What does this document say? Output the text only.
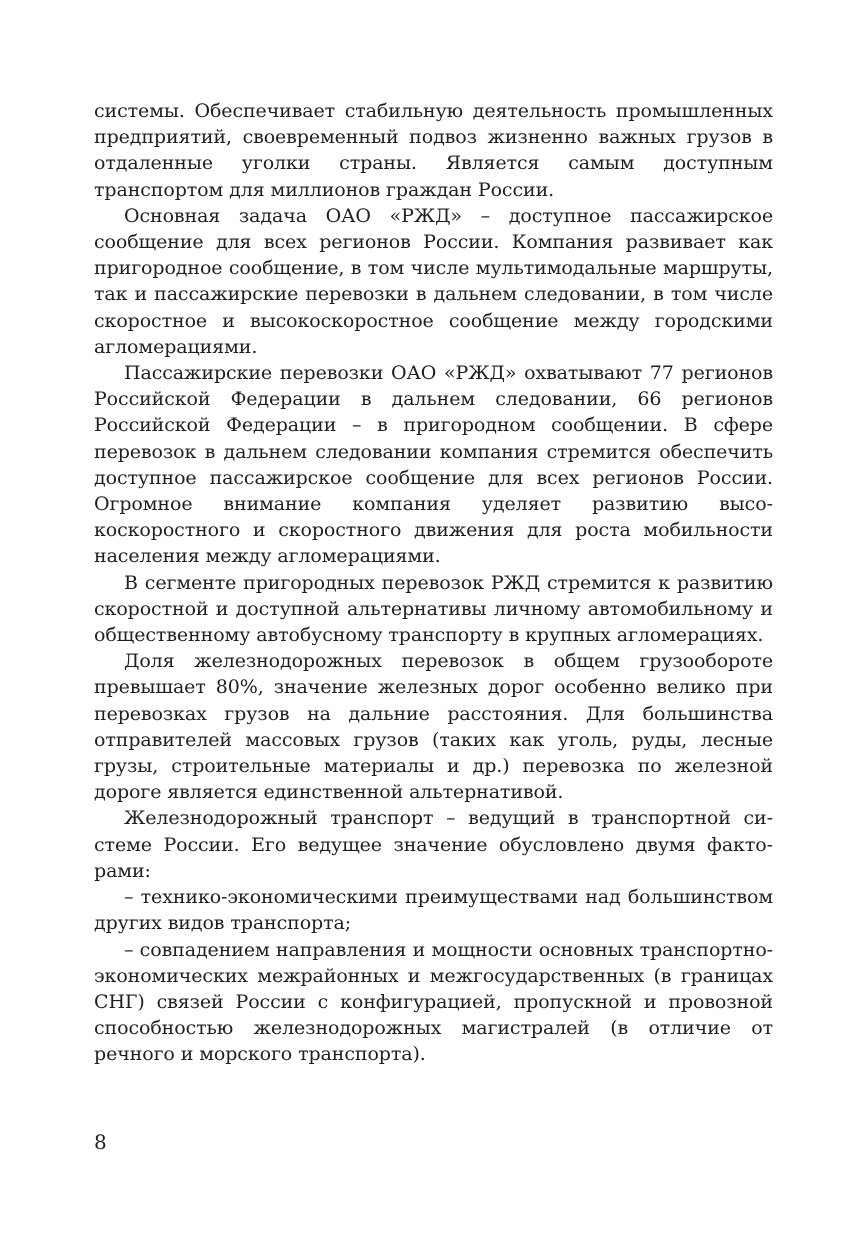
системы. Обеспечивает стабильную деятельность промышленных предприятий, своевременный подвоз жизненно важных грузов в отдаленные уголки страны. Является самым доступным транспортом для миллионов граждан России.

Основная задача ОАО «РЖД» – доступное пассажирское сообщение для всех регионов России. Компания развивает как пригородное сообщение, в том числе мультимодальные маршруты, так и пассажирские перевозки в дальнем следовании, в том числе скоростное и высокоскоростное сообщение между городскими агломерациями.

Пассажирские перевозки ОАО «РЖД» охватывают 77 регионов Российской Федерации в дальнем следовании, 66 регионов Российской Федерации – в пригородном сообщении. В сфере перевозок в дальнем следовании компания стремится обеспечить доступное пассажирское сообщение для всех регионов России. Огромное внимание компания уделяет развитию высокоскоростного и скоростного движения для роста мобильности населения между агломерациями.

В сегменте пригородных перевозок РЖД стремится к развитию скоростной и доступной альтернативы личному автомобильному и общественному автобусному транспорту в крупных агломерациях.

Доля железнодорожных перевозок в общем грузообороте превышает 80%, значение железных дорог особенно велико при перевозках грузов на дальние расстояния. Для большинства отправителей массовых грузов (таких как уголь, руды, лесные грузы, строительные материалы и др.) перевозка по железной дороге является единственной альтернативой.

Железнодорожный транспорт – ведущий в транспортной системе России. Его ведущее значение обусловлено двумя факторами:

– технико-экономическими преимуществами над большинством других видов транспорта;

– совпадением направления и мощности основных транспортно-экономических межрайонных и межгосударственных (в границах СНГ) связей России с конфигурацией, пропускной и провозной способностью железнодорожных магистралей (в отличие от речного и морского транспорта).

8
